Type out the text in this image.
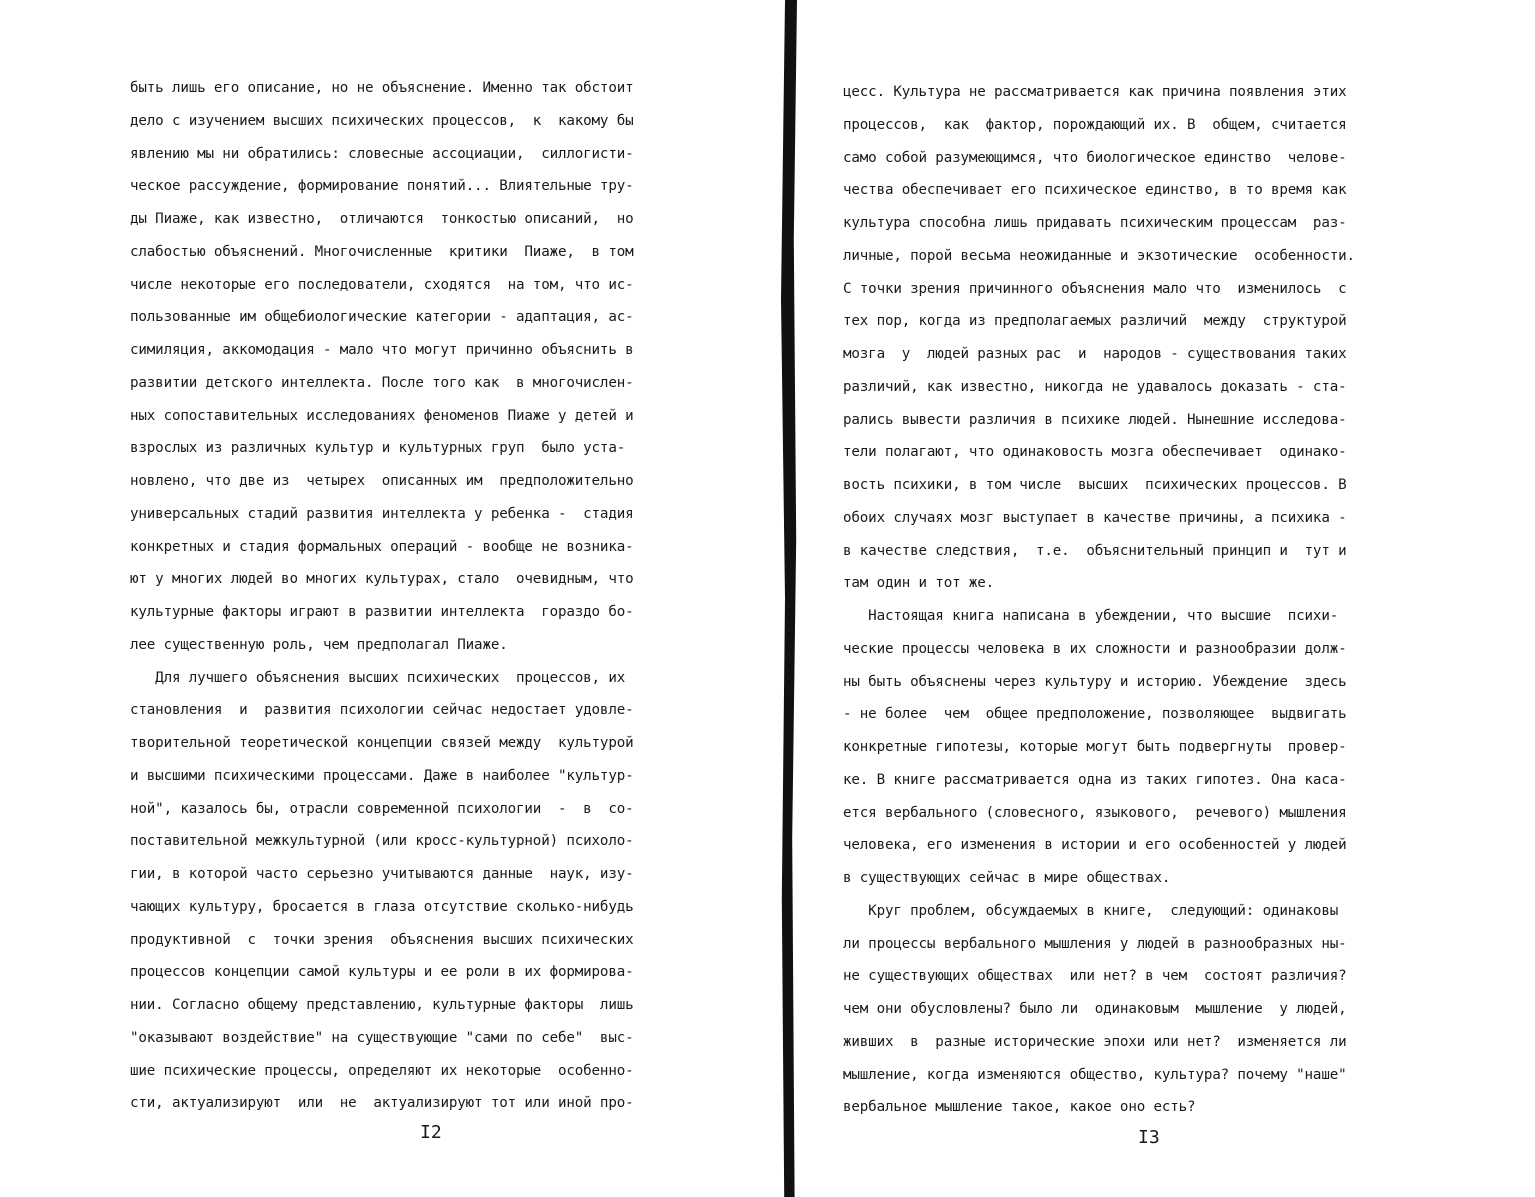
быть лишь его описание, но не объяснение. Именно так обстоит
дело с изучением высших психических процессов,  к  какому бы
явлению мы ни обратились: словесные ассоциации,  силлогисти-
ческое рассуждение, формирование понятий... Влиятельные тру-
ды Пиаже, как известно,  отличаются  тонкостью описаний,  но
слабостью объяснений. Многочисленные  критики  Пиаже,  в том
числе некоторые его последователи, сходятся  на том, что ис-
пользованные им общебиологические категории - адаптация, ас-
симиляция, аккомодация - мало что могут причинно объяснить в
развитии детского интеллекта. После того как  в многочислен-
ных сопоставительных исследованиях феноменов Пиаже у детей и
взрослых из различных культур и культурных груп  было уста-
новлено, что две из  четырех  описанных им  предположительно
универсальных стадий развития интеллекта у ребенка -  стадия
конкретных и стадия формальных операций - вообще не возника-
ют у многих людей во многих культурах, стало  очевидным, что
культурные факторы играют в развитии интеллекта  гораздо бо-
лее существенную роль, чем предполагал Пиаже.
Для лучшего объяснения высших психических  процессов, их
становления  и  развития психологии сейчас недостает удовле-
творительной теоретической концепции связей между  культурой
и высшими психическими процессами. Даже в наиболее "культур-
ной", казалось бы, отрасли современной психологии  -  в  со-
поставительной межкультурной (или кросс-культурной) психоло-
гии, в которой часто серьезно учитываются данные  наук, изу-
чающих культуру, бросается в глаза отсутствие сколько-нибудь
продуктивной  с  точки зрения  объяснения высших психических
процессов концепции самой культуры и ее роли в их формирова-
нии. Согласно общему представлению, культурные факторы  лишь
"оказывают воздействие" на существующие "сами по себе"  выс-
шие психические процессы, определяют их некоторые  особенно-
сти, актуализируют  или  не  актуализируют тот или иной про-
I2
цесс. Культура не рассматривается как причина появления этих
процессов,  как  фактор, порождающий их. В  общем, считается
само собой разумеющимся, что биологическое единство  челове-
чества обеспечивает его психическое единство, в то время как
культура способна лишь придавать психическим процессам  раз-
личные, порой весьма неожиданные и экзотические  особенности.
С точки зрения причинного объяснения мало что  изменилось  с
тех пор, когда из предполагаемых различий  между  структурой
мозга  у  людей разных рас  и  народов - существования таких
различий, как известно, никогда не удавалось доказать - ста-
рались вывести различия в психике людей. Нынешние исследова-
тели полагают, что одинаковость мозга обеспечивает  одинако-
вость психики, в том числе  высших  психических процессов. В
обоих случаях мозг выступает в качестве причины, а психика -
в качестве следствия,  т.е.  объяснительный принцип и  тут и
там один и тот же.
Настоящая книга написана в убеждении, что высшие  психи-
ческие процессы человека в их сложности и разнообразии долж-
ны быть объяснены через культуру и историю. Убеждение  здесь
- не более  чем  общее предположение, позволяющее  выдвигать
конкретные гипотезы, которые могут быть подвергнуты  провер-
ке. В книге рассматривается одна из таких гипотез. Она каса-
ется вербального (словесного, языкового,  речевого) мышления
человека, его изменения в истории и его особенностей у людей
в существующих сейчас в мире обществах.
Круг проблем, обсуждаемых в книге,  следующий: одинаковы
ли процессы вербального мышления у людей в разнообразных ны-
не существующих обществах  или нет? в чем  состоят различия?
чем они обусловлены? было ли  одинаковым  мышление  у людей,
живших  в  разные исторические эпохи или нет?  изменяется ли
мышление, когда изменяются общество, культура? почему "наше"
вербальное мышление такое, какое оно есть?
I3
